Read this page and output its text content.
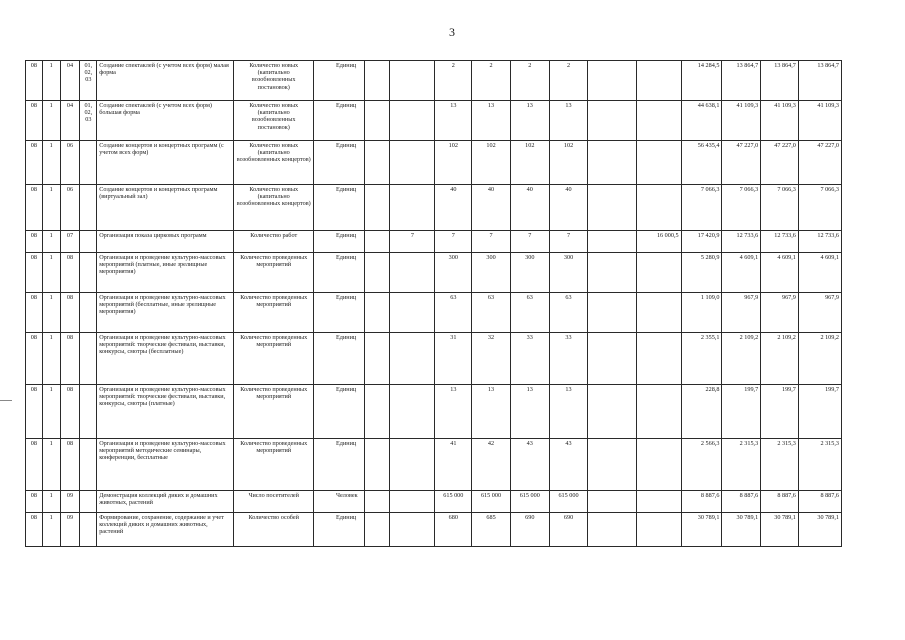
3
08	1	04	01, 02, 03	Создание спектаклей (с учетом всех форм) малая форма	Количество новых (капитально возобновленных постановок)	Единиц			2	2	2	2			14 284,5	13 864,7	13 864,7	13 864,7
08	1	04	01, 02, 03	Создание спектаклей (с учетом всех форм) большая форма	Количество новых (капитально возобновленных постановок)	Единиц			13	13	13	13			44 638,1	41 109,3	41 109,3	41 109,3
08	1	06		Создание концертов и концертных программ (с учетом всех форм)	Количество новых (капитально возобновленных концертов)	Единиц			102	102	102	102			56 435,4	47 227,0	47 227,0	47 227,0
08	1	06		Создание концертов и концертных программ (виртуальный зал)	Количество новых (капитально возобновленных концертов)	Единиц			40	40	40	40			7 066,3	7 066,3	7 066,3	7 066,3
08	1	07		Организация показа цирковых программ	Количество работ	Единиц		7	7	7	7	7		16 000,5	17 420,9	12 733,6	12 733,6	12 733,6
08	1	08		Организация и проведение культурно-массовых мероприятий (платные, иные зрелищные мероприятия)	Количество проведенных мероприятий	Единиц			300	300	300	300			5 280,9	4 609,1	4 609,1	4 609,1
08	1	08		Организация и проведение культурно-массовых мероприятий (бесплатные, иные зрелищные мероприятия)	Количество проведенных мероприятий	Единиц			63	63	63	63			1 109,0	967,9	967,9	967,9
08	1	08		Организация и проведение культурно-массовых мероприятий: творческие фестивали, выставки, конкурсы, смотры (бесплатные)	Количество проведенных мероприятий	Единиц			31	32	33	33			2 355,1	2 109,2	2 109,2	2 109,2
08	1	08		Организация и проведение культурно-массовых мероприятий: творческие фестивали, выставки, конкурсы, смотры (платные)	Количество проведенных мероприятий	Единиц			13	13	13	13			228,8	199,7	199,7	199,7
08	1	08		Организация и проведение культурно-массовых мероприятий методические семинары, конференции, бесплатные	Количество проведенных мероприятий	Единиц			41	42	43	43			2 566,3	2 315,3	2 315,3	2 315,3
08	1	09		Демонстрация коллекций диких и домашних животных, растений	Число посетителей	Человек			615 000	615 000	615 000	615 000			8 887,6	8 887,6	8 887,6	8 887,6
08	1	09		Формирование, сохранение, содержание и учет коллекций диких и домашних животных, растений	Количество особей	Единиц			680	685	690	690			30 789,1	30 789,1	30 789,1	30 789,1
